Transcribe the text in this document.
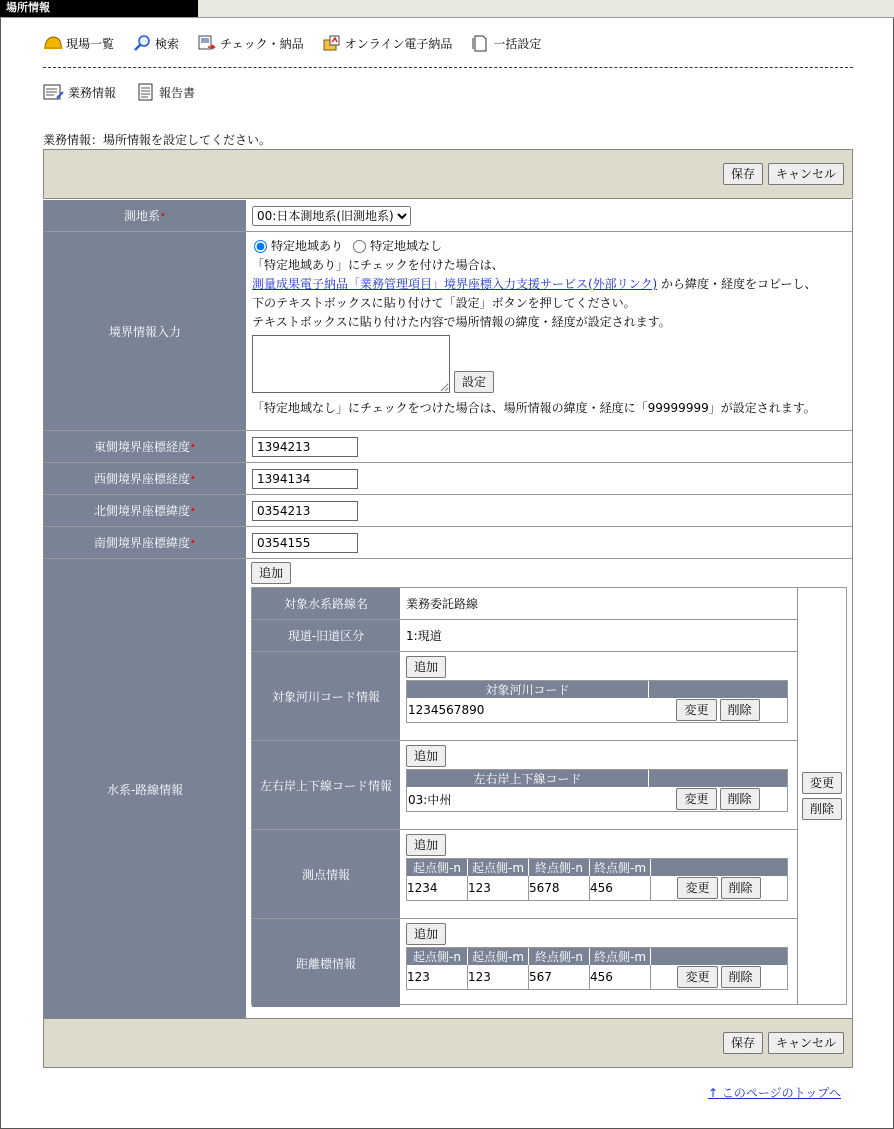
場所情報
現場一覧	検索	チェック・納品	オンライン電子納品	一括設定
業務情報	報告書
業務情報：場所情報を設定してください。
保存	キャンセル
測地系 •
00:日本測地系(旧測地系)
境界情報入力
特定地域あり 特定地域なし
「特定地域あり」にチェックを付けた場合は、
測量成果電子納品「業務管理項目」境界座標入力支援サービス(外部リンク) から緯度・経度をコピーし、
下のテキストボックスに貼り付けて「設定」ボタンを押してください。
テキストボックスに貼り付けた内容で場所情報の緯度・経度が設定されます。
設定
「特定地域なし」にチェックをつけた場合は、場所情報の緯度・経度に「99999999」が設定されます。
東側境界座標経度 •
1394213
西側境界座標経度 •
1394134
北側境界座標緯度 •
0354213
南側境界座標緯度 •
0354155
水系-路線情報
追加
対象水系路線名	業務委託路線
現道-旧道区分	1:現道
対象河川コード情報
追加
対象河川コード
1234567890	変更	削除
左右岸上下線コード情報
追加
左右岸上下線コード
03:中州	変更	削除
測点情報
追加
起点側-n 起点側-m 終点側-n 終点側-m
1234	123	5678	456	変更	削除
距離標情報
追加
起点側-n 起点側-m 終点側-n 終点側-m
123	123	567	456	変更	削除
変更
削除
保存	キャンセル
↑ このページのトップへ
